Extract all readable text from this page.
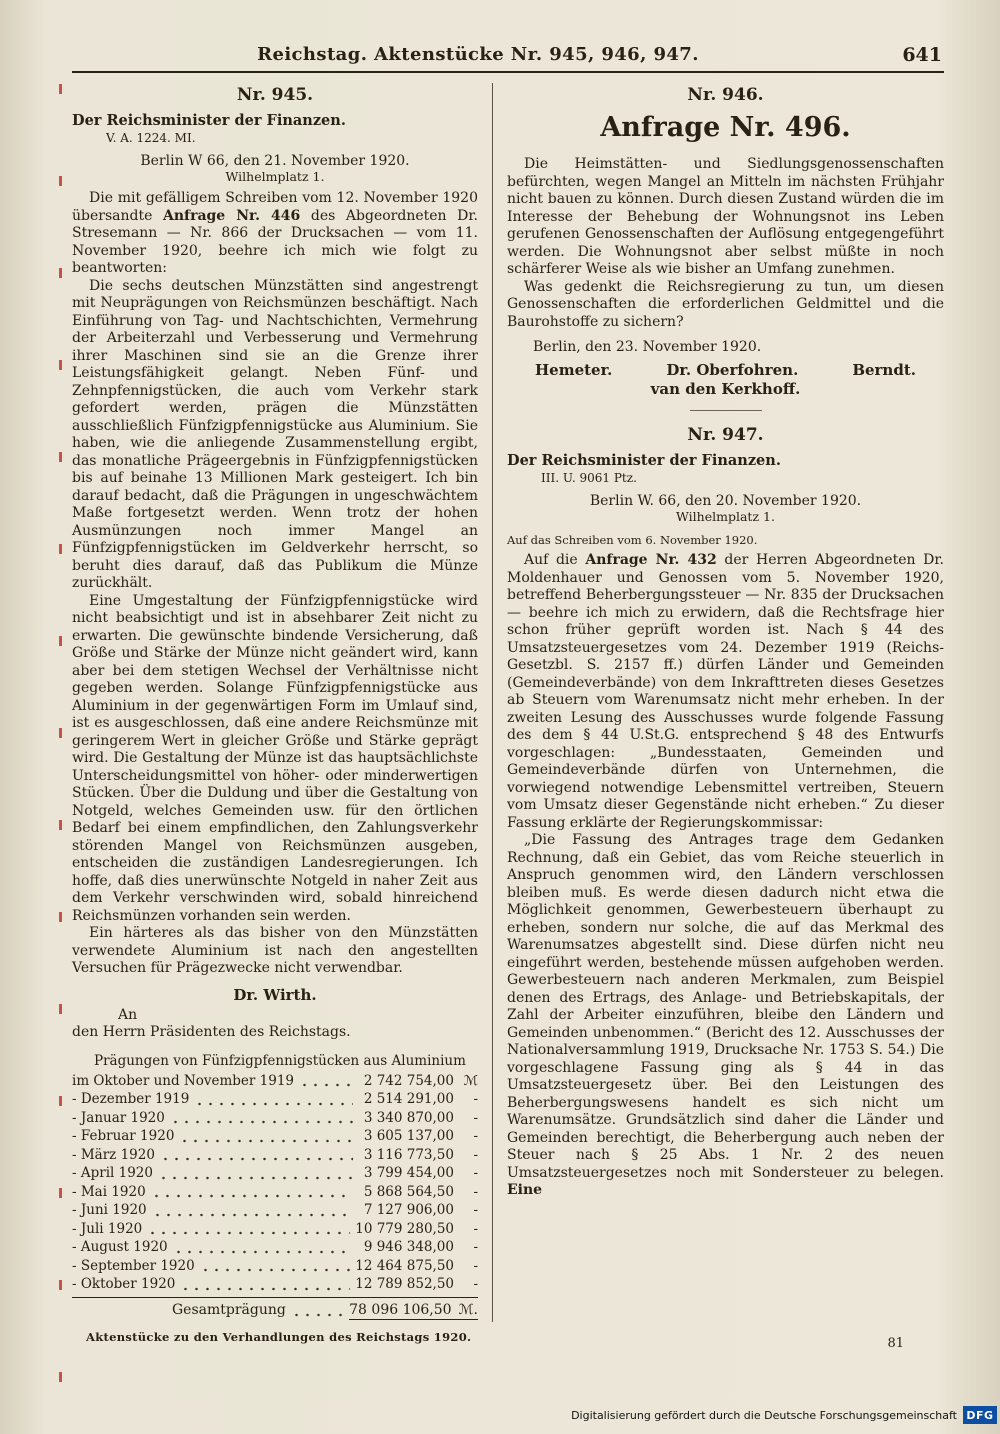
Reichstag. Aktenstücke Nr. 945, 946, 947.	641
Nr. 945.
Der Reichsminister der Finanzen.
V. A. 1224. MI.
Berlin W 66, den 21. November 1920.
Wilhelmplatz 1.

Die mit gefälligem Schreiben vom 12. November 1920 übersandte Anfrage Nr. 446 des Abgeordneten Dr. Stresemann — Nr. 866 der Drucksachen — vom 11. November 1920, beehre ich mich wie folgt zu beantworten:

Die sechs deutschen Münzstätten sind angestrengt mit Neuprägungen von Reichsmünzen beschäftigt. Nach Einführung von Tag- und Nachtschichten, Vermehrung der Arbeiterzahl und Verbesserung und Vermehrung ihrer Maschinen sind sie an die Grenze ihrer Leistungsfähigkeit gelangt. Neben Fünf- und Zehnpfennigstücken, die auch vom Verkehr stark gefordert werden, prägen die Münzstätten ausschließlich Fünfzigpfennigstücke aus Aluminium. Sie haben, wie die anliegende Zusammenstellung ergibt, das monatliche Prägeergebnis in Fünfzigpfennigstücken bis auf beinahe 13 Millionen Mark gesteigert. Ich bin darauf bedacht, daß die Prägungen in ungeschwächtem Maße fortgesetzt werden. Wenn trotz der hohen Ausmünzungen noch immer Mangel an Fünfzigpfennigstücken im Geldverkehr herrscht, so beruht dies darauf, daß das Publikum die Münze zurückhält.

Eine Umgestaltung der Fünfzigpfennigstücke wird nicht beabsichtigt und ist in absehbarer Zeit nicht zu erwarten. Die gewünschte bindende Versicherung, daß Größe und Stärke der Münze nicht geändert wird, kann aber bei dem stetigen Wechsel der Verhältnisse nicht gegeben werden. Solange Fünfzigpfennigstücke aus Aluminium in der gegenwärtigen Form im Umlauf sind, ist es ausgeschlossen, daß eine andere Reichsmünze mit geringerem Wert in gleicher Größe und Stärke geprägt wird. Die Gestaltung der Münze ist das hauptsächlichste Unterscheidungsmittel von höher- oder minderwertigen Stücken. Über die Duldung und über die Gestaltung von Notgeld, welches Gemeinden usw. für den örtlichen Bedarf bei einem empfindlichen, den Zahlungsverkehr störenden Mangel von Reichsmünzen ausgeben, entscheiden die zuständigen Landesregierungen. Ich hoffe, daß dies unerwünschte Notgeld in naher Zeit aus dem Verkehr verschwinden wird, sobald hinreichend Reichsmünzen vorhanden sein werden.

Ein härteres als das bisher von den Münzstätten verwendete Aluminium ist nach den angestellten Versuchen für Prägezwecke nicht verwendbar.

Dr. Wirth.
An
den Herrn Präsidenten des Reichstags.
Prägungen von Fünfzigpfennigstücken aus Aluminium
im Oktober und November 1919	2 742 754,00 ℳ
- Dezember 1919	2 514 291,00	-
- Januar 1920	3 340 870,00	-
- Februar 1920	3 605 137,00	-
- März 1920	3 116 773,50	-
- April 1920	3 799 454,00	-
- Mai 1920	5 868 564,50	-
- Juni 1920	7 127 906,00	-
- Juli 1920	10 779 280,50	-
- August 1920	9 946 348,00	-
- September 1920	12 464 875,50	-
- Oktober 1920	12 789 852,50	-
Gesamtprägung	78 096 106,50 ℳ.
Nr. 946.
Anfrage Nr. 496.

Die Heimstätten- und Siedlungsgenossenschaften befürchten, wegen Mangel an Mitteln im nächsten Frühjahr nicht bauen zu können. Durch diesen Zustand würden die im Interesse der Behebung der Wohnungsnot ins Leben gerufenen Genossenschaften der Auflösung entgegengeführt werden. Die Wohnungsnot aber selbst müßte in noch schärferer Weise als wie bisher an Umfang zunehmen.

Was gedenkt die Reichsregierung zu tun, um diesen Genossenschaften die erforderlichen Geldmittel und die Baurohstoffe zu sichern?

Berlin, den 23. November 1920.
Hemeter.	Dr. Oberfohren.	Berndt.
van den Kerkhoff.
Nr. 947.
Der Reichsminister der Finanzen.
III. U. 9061 Ptz.
Berlin W. 66, den 20. November 1920.
Wilhelmplatz 1.
Auf das Schreiben vom 6. November 1920.

Auf die Anfrage Nr. 432 der Herren Abgeordneten Dr. Moldenhauer und Genossen vom 5. November 1920, betreffend Beherbergungssteuer — Nr. 835 der Drucksachen — beehre ich mich zu erwidern, daß die Rechtsfrage hier schon früher geprüft worden ist. Nach § 44 des Umsatzsteuergesetzes vom 24. Dezember 1919 (Reichs-Gesetzbl. S. 2157 ff.) dürfen Länder und Gemeinden (Gemeindeverbände) von dem Inkrafttreten dieses Gesetzes ab Steuern vom Warenumsatz nicht mehr erheben. In der zweiten Lesung des Ausschusses wurde folgende Fassung des dem § 44 U.St.G. entsprechend § 48 des Entwurfs vorgeschlagen: „Bundesstaaten, Gemeinden und Gemeindeverbände dürfen von Unternehmen, die vorwiegend notwendige Lebensmittel vertreiben, Steuern vom Umsatz dieser Gegenstände nicht erheben.“ Zu dieser Fassung erklärte der Regierungskommissar:

„Die Fassung des Antrages trage dem Gedanken Rechnung, daß ein Gebiet, das vom Reiche steuerlich in Anspruch genommen wird, den Ländern verschlossen bleiben muß. Es werde diesen dadurch nicht etwa die Möglichkeit genommen, Gewerbesteuern überhaupt zu erheben, sondern nur solche, die auf das Merkmal des Warenumsatzes abgestellt sind. Diese dürfen nicht neu eingeführt werden, bestehende müssen aufgehoben werden. Gewerbesteuern nach anderen Merkmalen, zum Beispiel denen des Ertrags, des Anlage- und Betriebskapitals, der Zahl der Arbeiter einzuführen, bleibe den Ländern und Gemeinden unbenommen.“ (Bericht des 12. Ausschusses der Nationalversammlung 1919, Drucksache Nr. 1753 S. 54.) Die vorgeschlagene Fassung ging als § 44 in das Umsatzsteuergesetz über. Bei den Leistungen des Beherbergungswesens handelt es sich nicht um Warenumsätze. Grundsätzlich sind daher die Länder und Gemeinden berechtigt, die Beherbergung auch neben der Steuer nach § 25 Abs. 1 Nr. 2 des neuen Umsatzsteuergesetzes noch mit Sondersteuer zu belegen. Eine

Aktenstücke zu den Verhandlungen des Reichstags 1920.	81
Digitalisierung gefördert durch die Deutsche Forschungsgemeinschaft DFG
